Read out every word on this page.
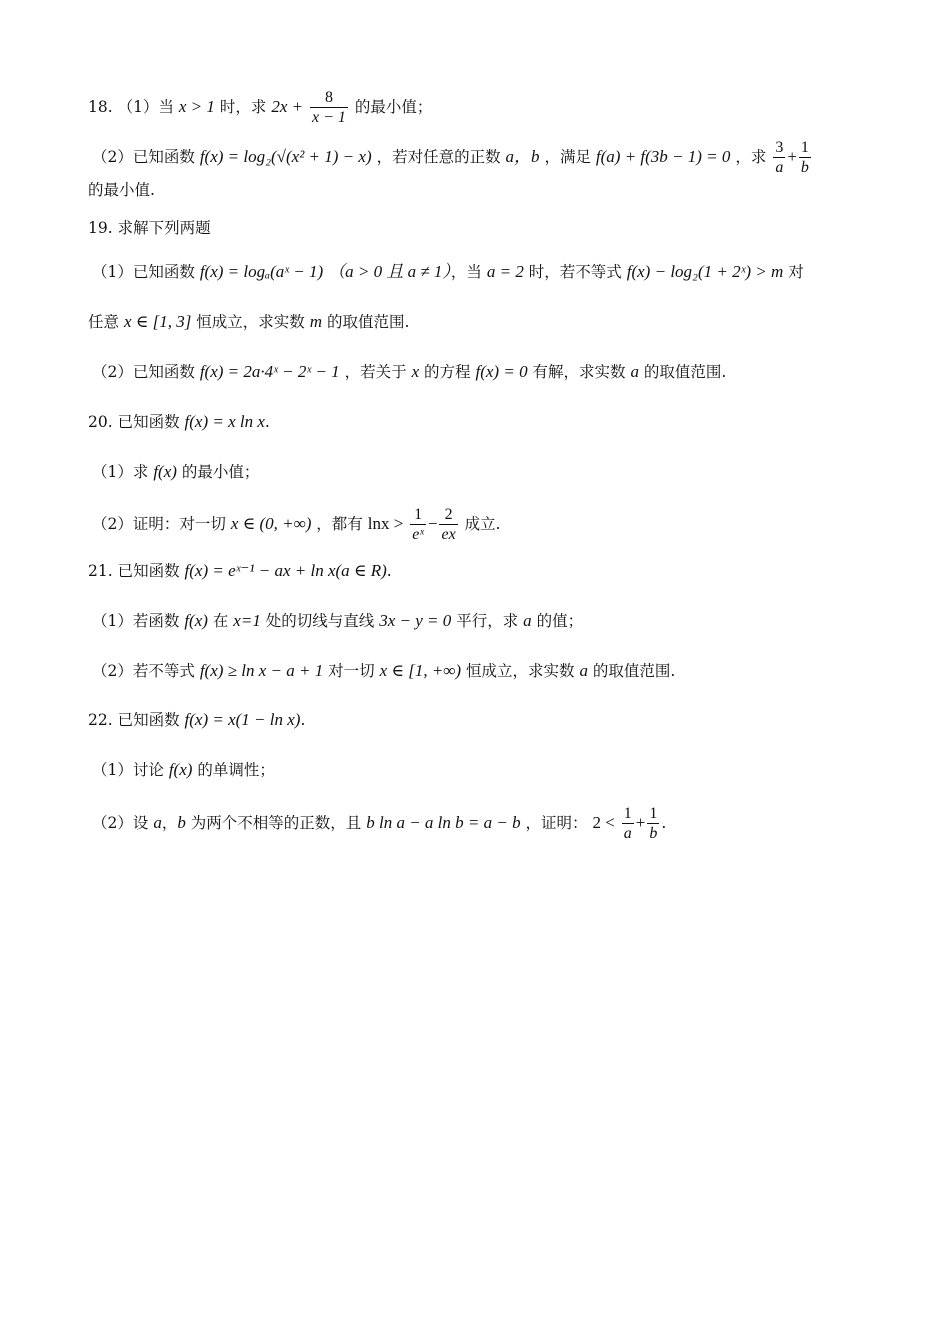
18. （1）当 x > 1 时，求 $2x + \frac{8}{x - 1}$ 的最小值；
（2）已知函数 f(x) = log₂(√(x² + 1) − x) ，若对任意的正数 a，b ，满足 f(a) + f(3b − 1) = 0 ，求 $\frac{3}{a} + \frac{1}{b}$
的最小值.
19. 求解下列两题
（1）已知函数 f(x) = logₐ(aˣ − 1) （a > 0 且 a ≠ 1），当 a = 2 时，若不等式 f(x) − log₂(1 + 2ˣ) > m 对
任意 x ∈ [1, 3] 恒成立，求实数 m 的取值范围.
（2）已知函数 f(x) = 2a·4ˣ − 2ˣ − 1 ，若关于 x 的方程 f(x) = 0 有解，求实数 a 的取值范围.
20. 已知函数 f(x) = x ln x.
（1）求 f(x) 的最小值；
（2）证明：对一切 x ∈ (0, +∞) ，都有 $\ln x > \frac{1}{\text{eˣ}} - \frac{2}{ex}$ 成立.
21. 已知函数 f(x) = eˣ⁻¹ − ax + ln x(a ∈ R).
（1）若函数 f(x) 在 x=1 处的切线与直线 3x − y = 0 平行，求 a 的值；
（2）若不等式 f(x) ≥ ln x − a + 1 对一切 x ∈ [1, +∞) 恒成立，求实数 a 的取值范围.
22. 已知函数 f(x) = x(1 − ln x).
（1）讨论 f(x) 的单调性；
（2）设 a，b 为两个不相等的正数，且 b ln a − a ln b = a − b ，证明： $2 < \frac{1}{a} + \frac{1}{b}$ .
